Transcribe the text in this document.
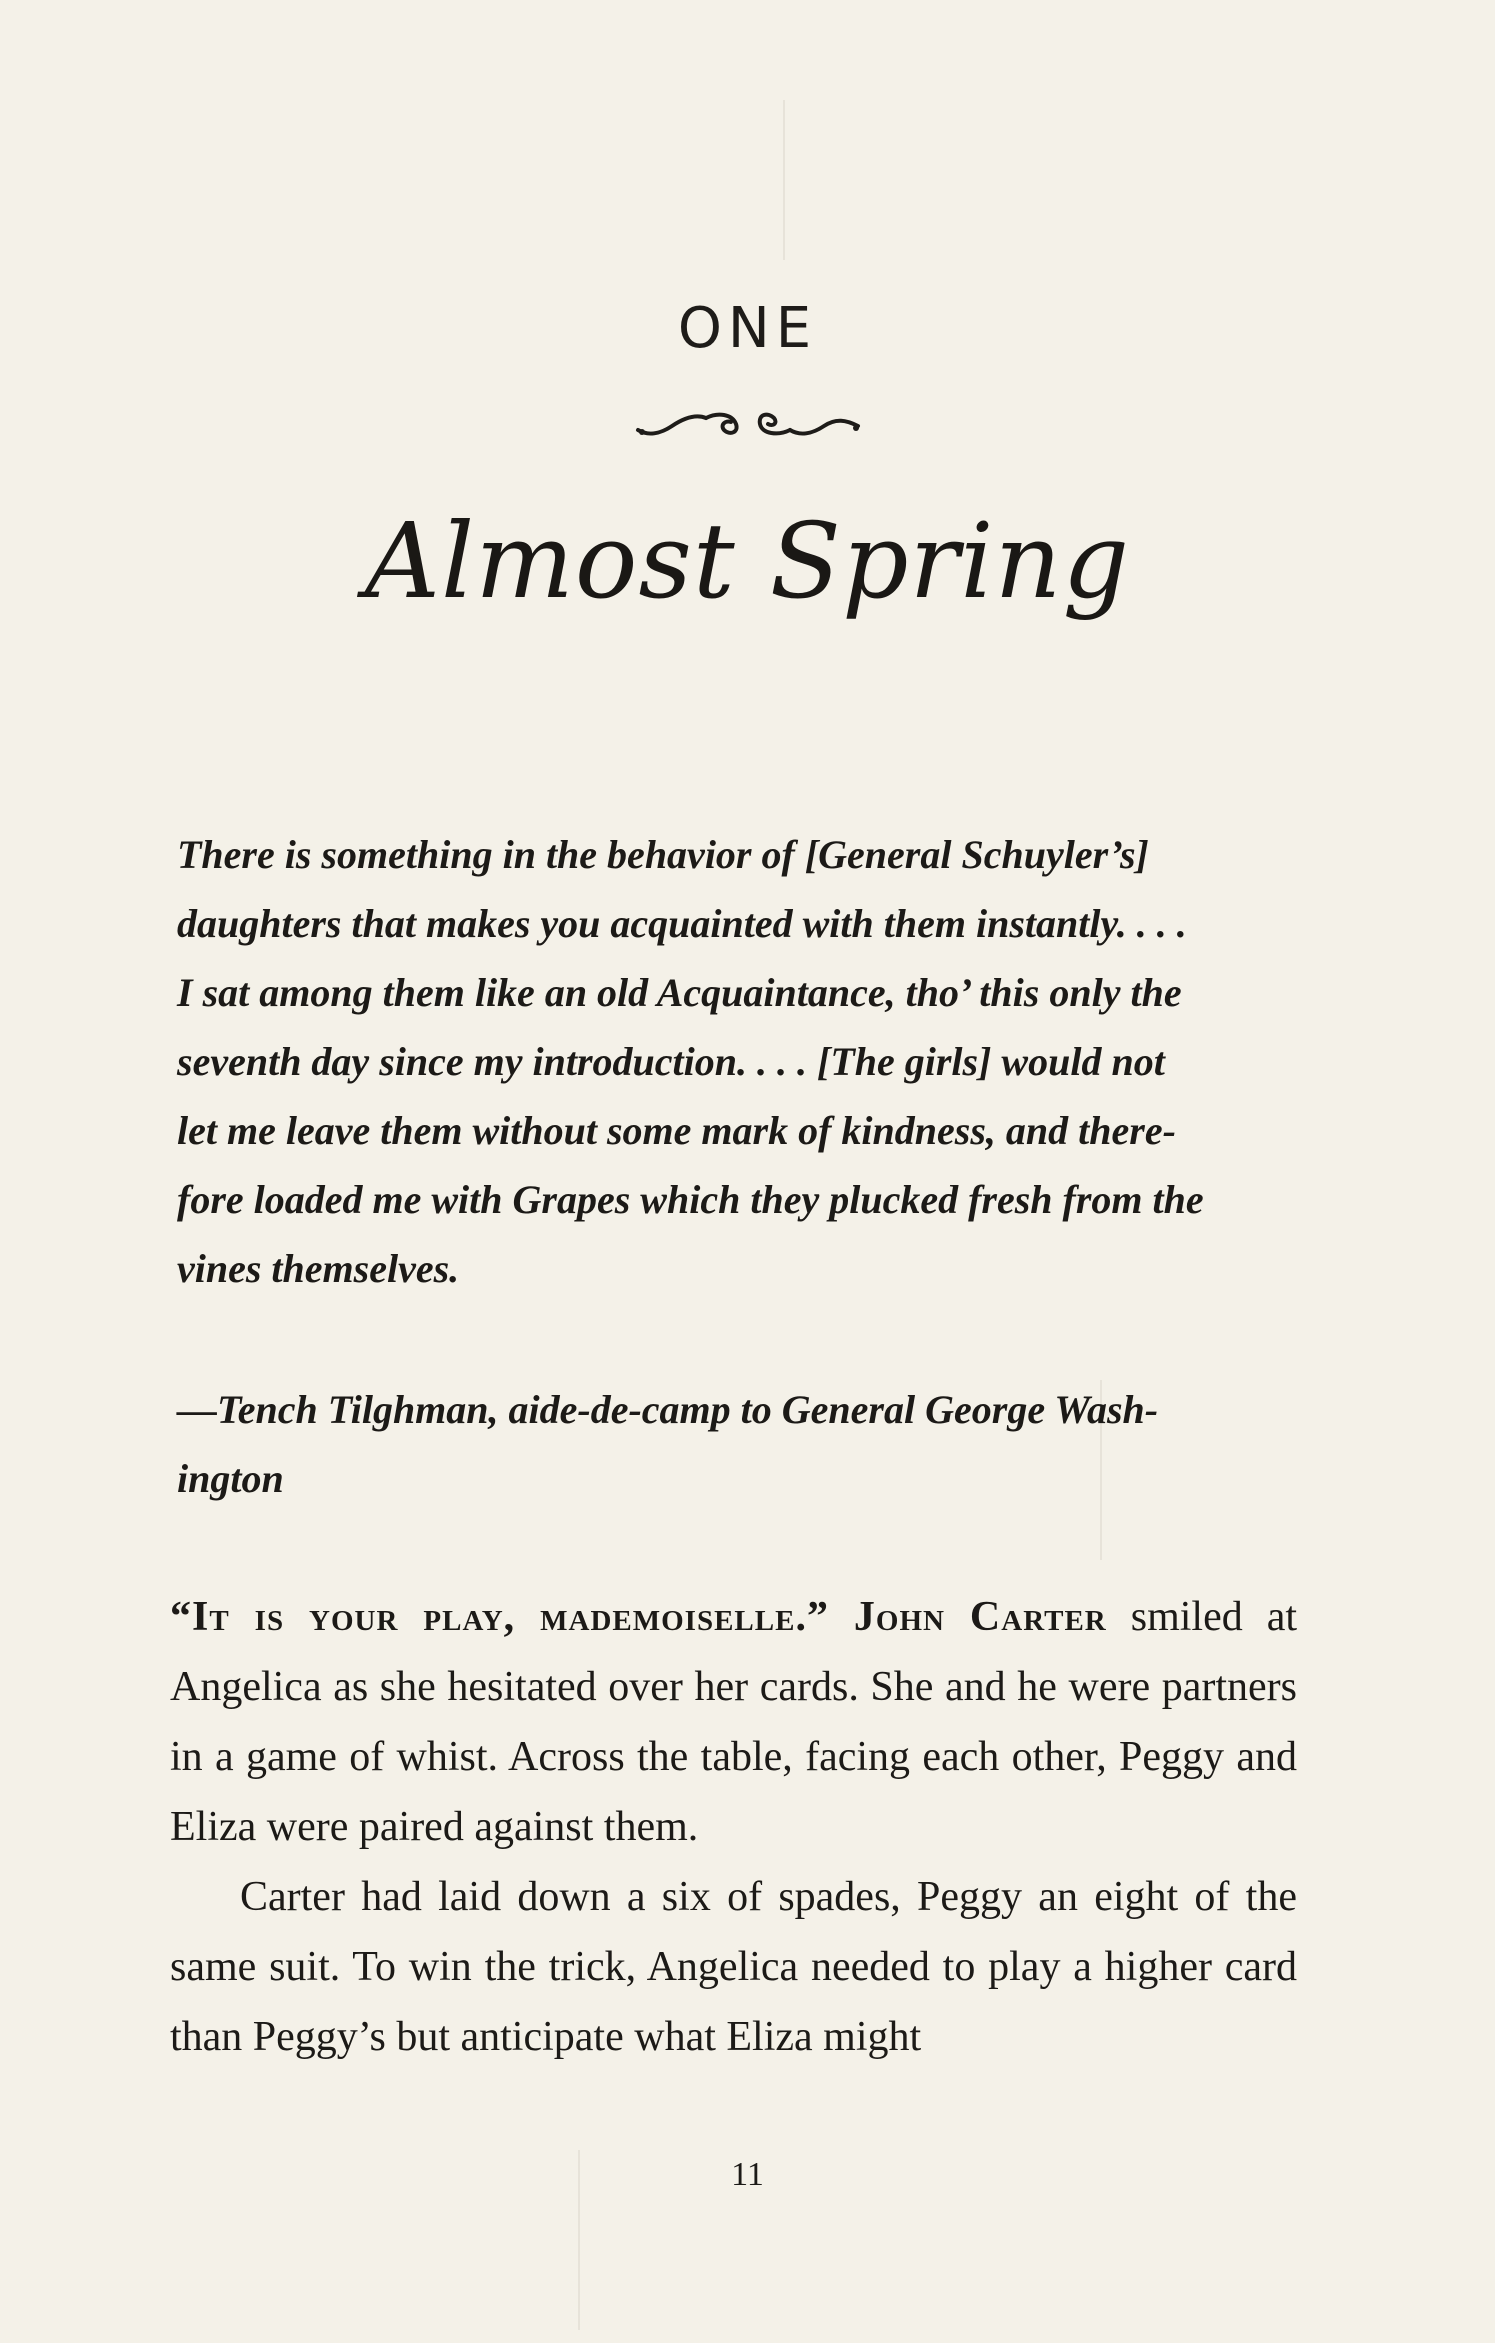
ONE
Almost Spring
There is something in the behavior of [General Schuyler’s]
daughters that makes you acquainted with them instantly. . . .
I sat among them like an old Acquaintance, tho’ this only the
seventh day since my introduction. . . . [The girls] would not
let me leave them without some mark of kindness, and there-
fore loaded me with Grapes which they plucked fresh from the
vines themselves.
—Tench Tilghman, aide-de-camp to General George Wash-
ington

“It is your play, mademoiselle.” John Carter smiled at Angelica as she hesitated over her cards. She and he were partners in a game of whist. Across the table, facing each other, Peggy and Eliza were paired against them.

Carter had laid down a six of spades, Peggy an eight of the same suit. To win the trick, Angelica needed to play a higher card than Peggy’s but anticipate what Eliza might

11
